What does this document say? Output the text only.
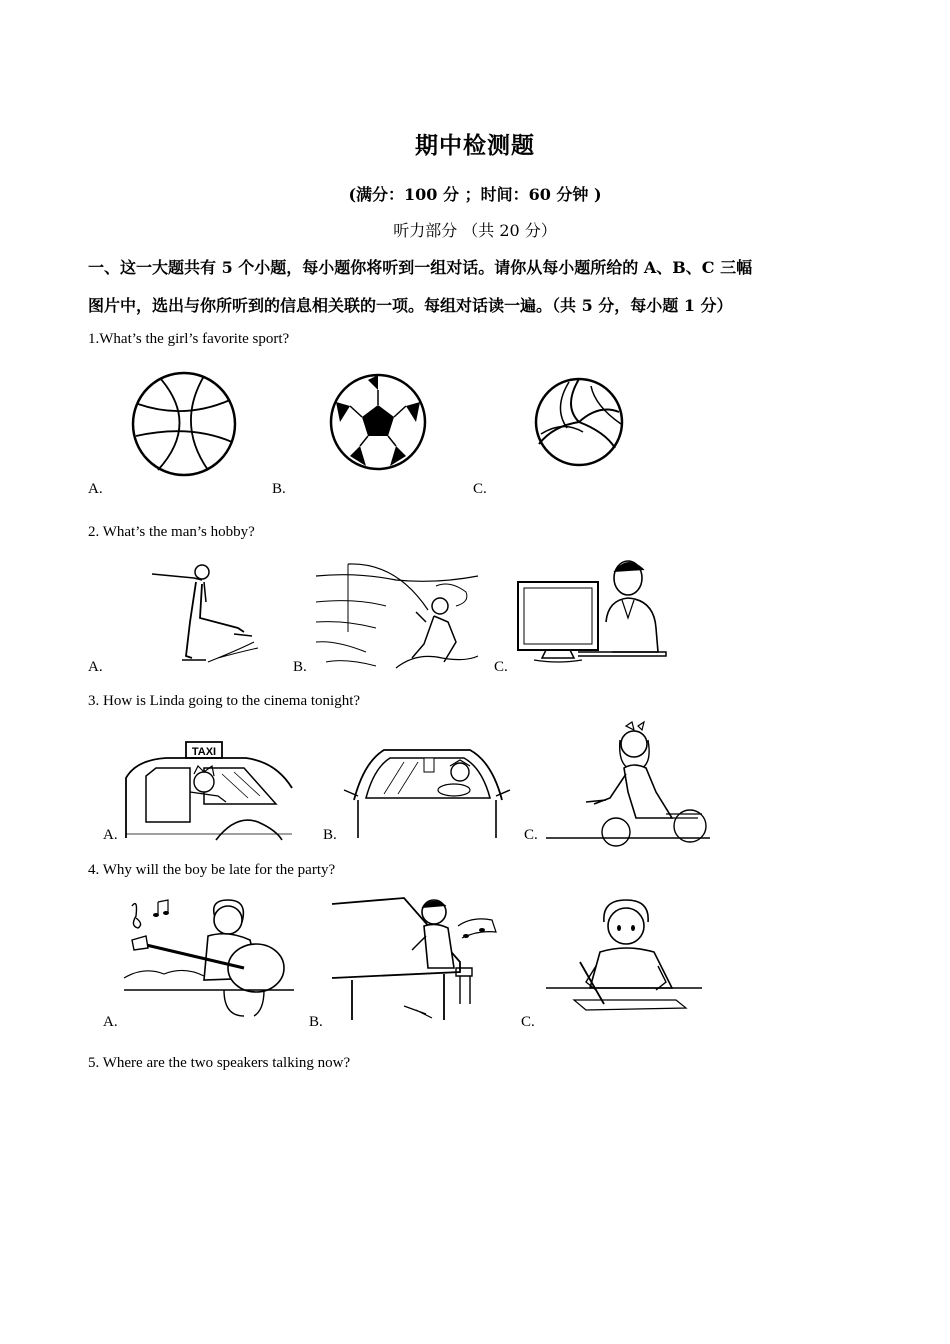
期中检测题
(满分：100 分 ；时间：60 分钟 )
听力部分 （共 20 分）
一、这一大题共有 5 个小题，每小题你将听到一组对话。请你从每小题所给的 A、B、C 三幅
图片中，选出与你所听到的信息相关联的一项。每组对话读一遍。（共 5 分，每小题 1 分）
1.What’s the girl’s favorite sport?
A.	B.	C.
2. What’s the man’s hobby?
A.	B.	C.
3. How is Linda going to the cinema tonight?
TAXI
A.	B.	C.
4. Why will the boy be late for the party?
A.	B.	C.
5. Where are the two speakers talking now?
